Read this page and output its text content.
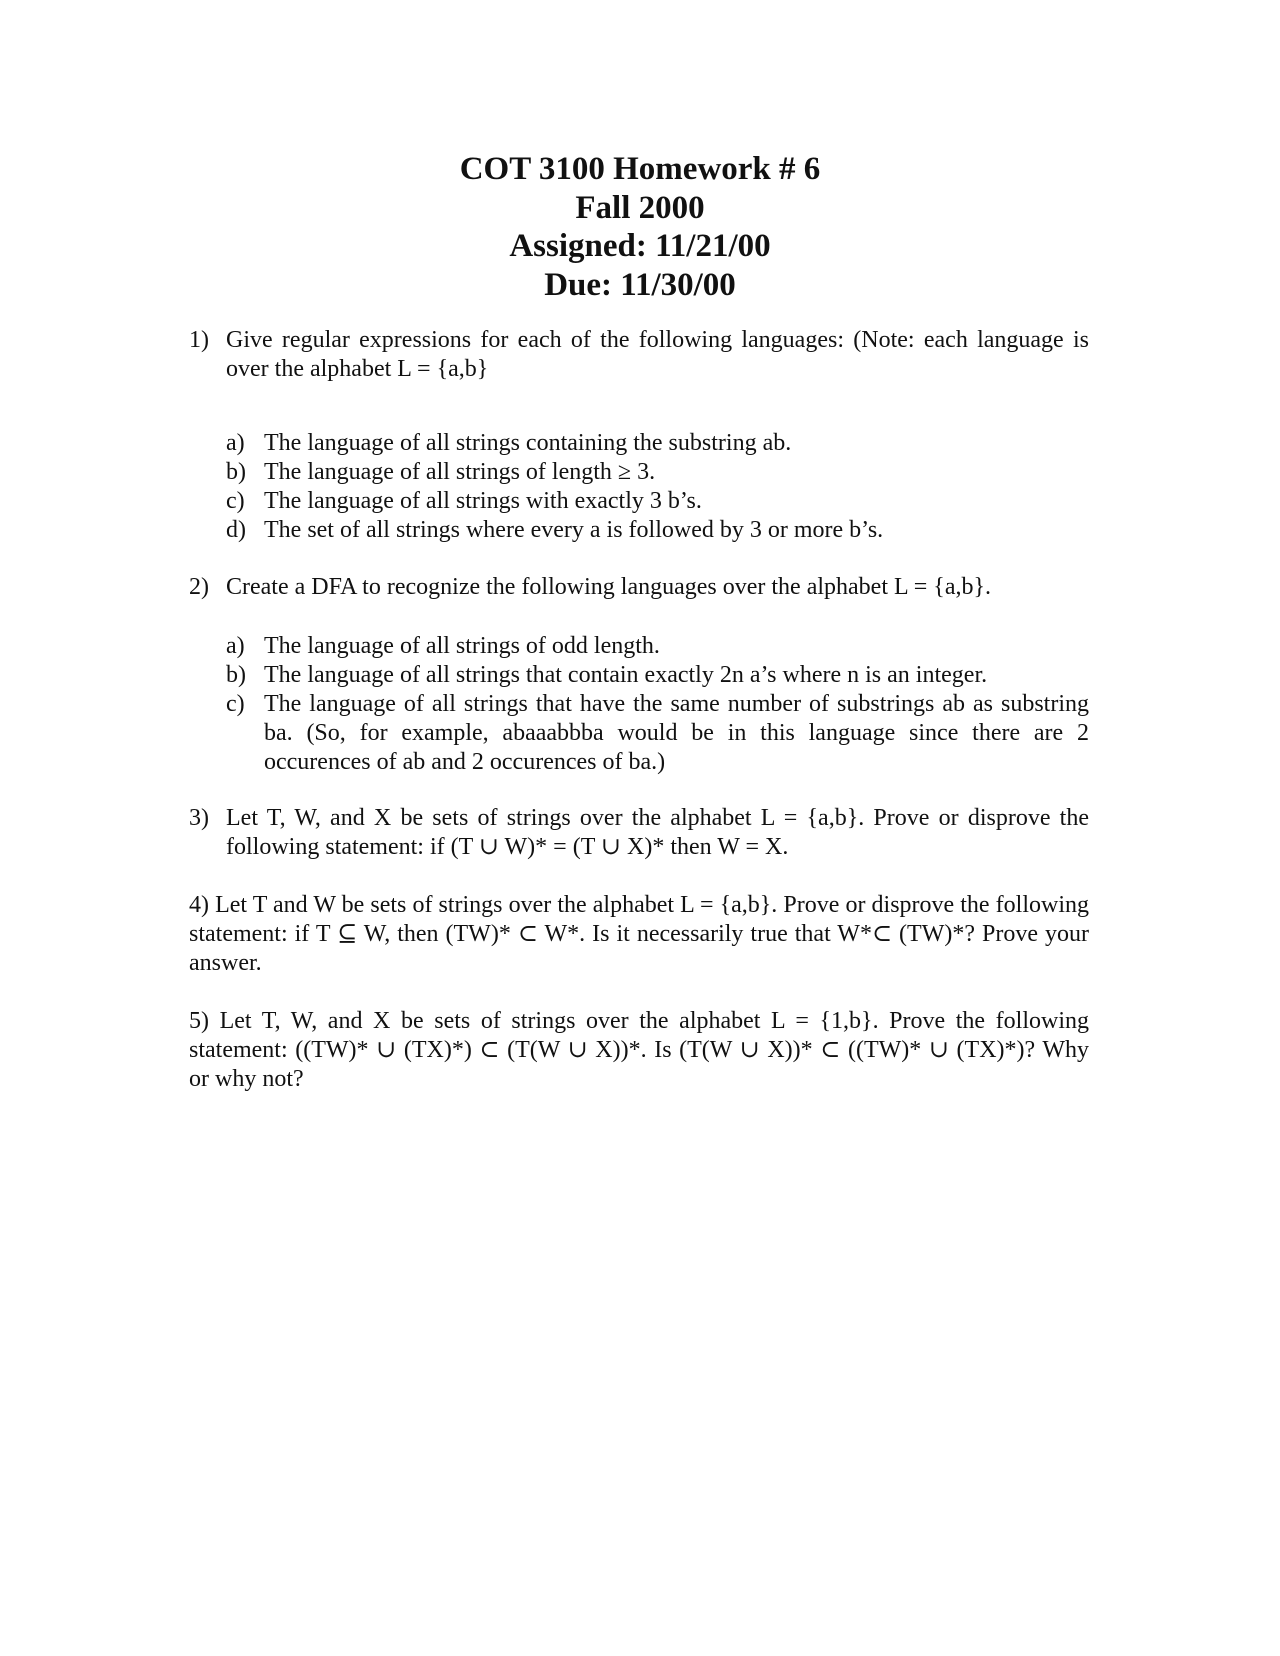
COT 3100 Homework # 6
Fall 2000
Assigned: 11/21/00
Due: 11/30/00
1) Give regular expressions for each of the following languages: (Note: each language is over the alphabet L = {a,b}
a) The language of all strings containing the substring ab.
b) The language of all strings of length ≥ 3.
c) The language of all strings with exactly 3 b’s.
d) The set of all strings where every a is followed by 3 or more b’s.
2) Create a DFA to recognize the following languages over the alphabet L = {a,b}.
a) The language of all strings of odd length.
b) The language of all strings that contain exactly 2n a’s where n is an integer.
c) The language of all strings that have the same number of substrings ab as substring ba. (So, for example, abaaabbba would be in this language since there are 2 occurences of ab and 2 occurences of ba.)
3) Let T, W, and X be sets of strings over the alphabet L = {a,b}. Prove or disprove the following statement: if (T ∪ W)* = (T ∪ X)* then W = X.
4) Let T and W be sets of strings over the alphabet L = {a,b}. Prove or disprove the following statement: if T ⊆ W, then (TW)* ⊂ W*. Is it necessarily true that W*⊂ (TW)*? Prove your answer.
5) Let T, W, and X be sets of strings over the alphabet L = {1,b}. Prove the following statement: ((TW)* ∪ (TX)*) ⊂ (T(W ∪ X))*. Is (T(W ∪ X))* ⊂ ((TW)* ∪ (TX)*)? Why or why not?
